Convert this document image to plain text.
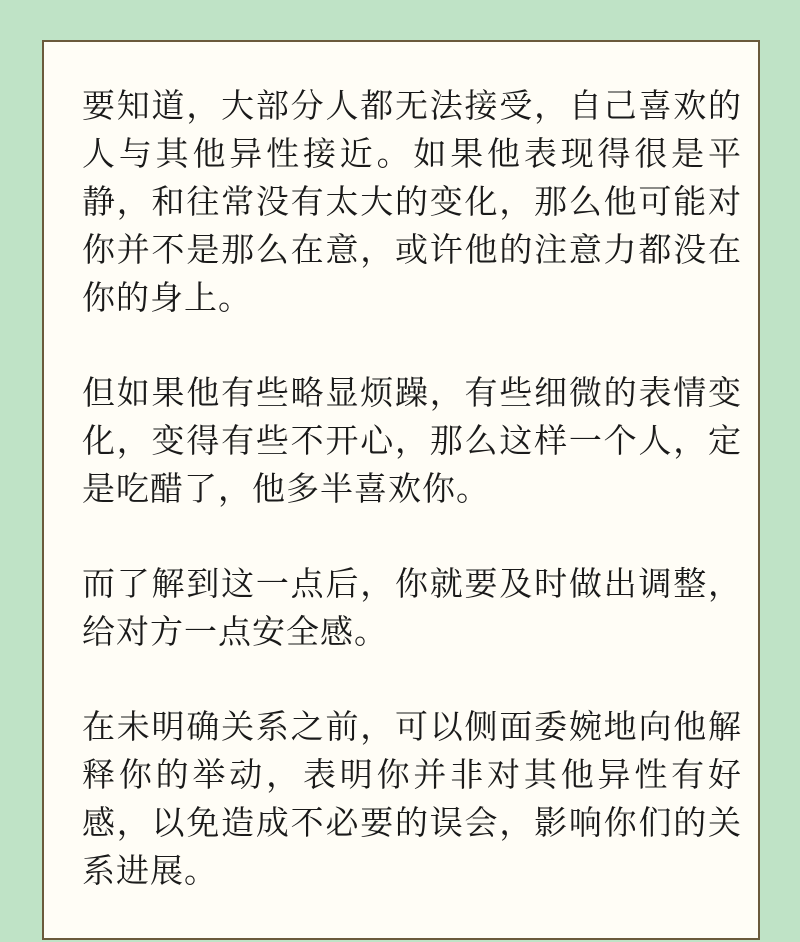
要知道，大部分人都无法接受，自己喜欢的人与其他异性接近。如果他表现得很是平静，和往常没有太大的变化，那么他可能对你并不是那么在意，或许他的注意力都没在你的身上。

但如果他有些略显烦躁，有些细微的表情变化，变得有些不开心，那么这样一个人，定是吃醋了，他多半喜欢你。

而了解到这一点后，你就要及时做出调整，给对方一点安全感。

在未明确关系之前，可以侧面委婉地向他解释你的举动，表明你并非对其他异性有好感，以免造成不必要的误会，影响你们的关系进展。
